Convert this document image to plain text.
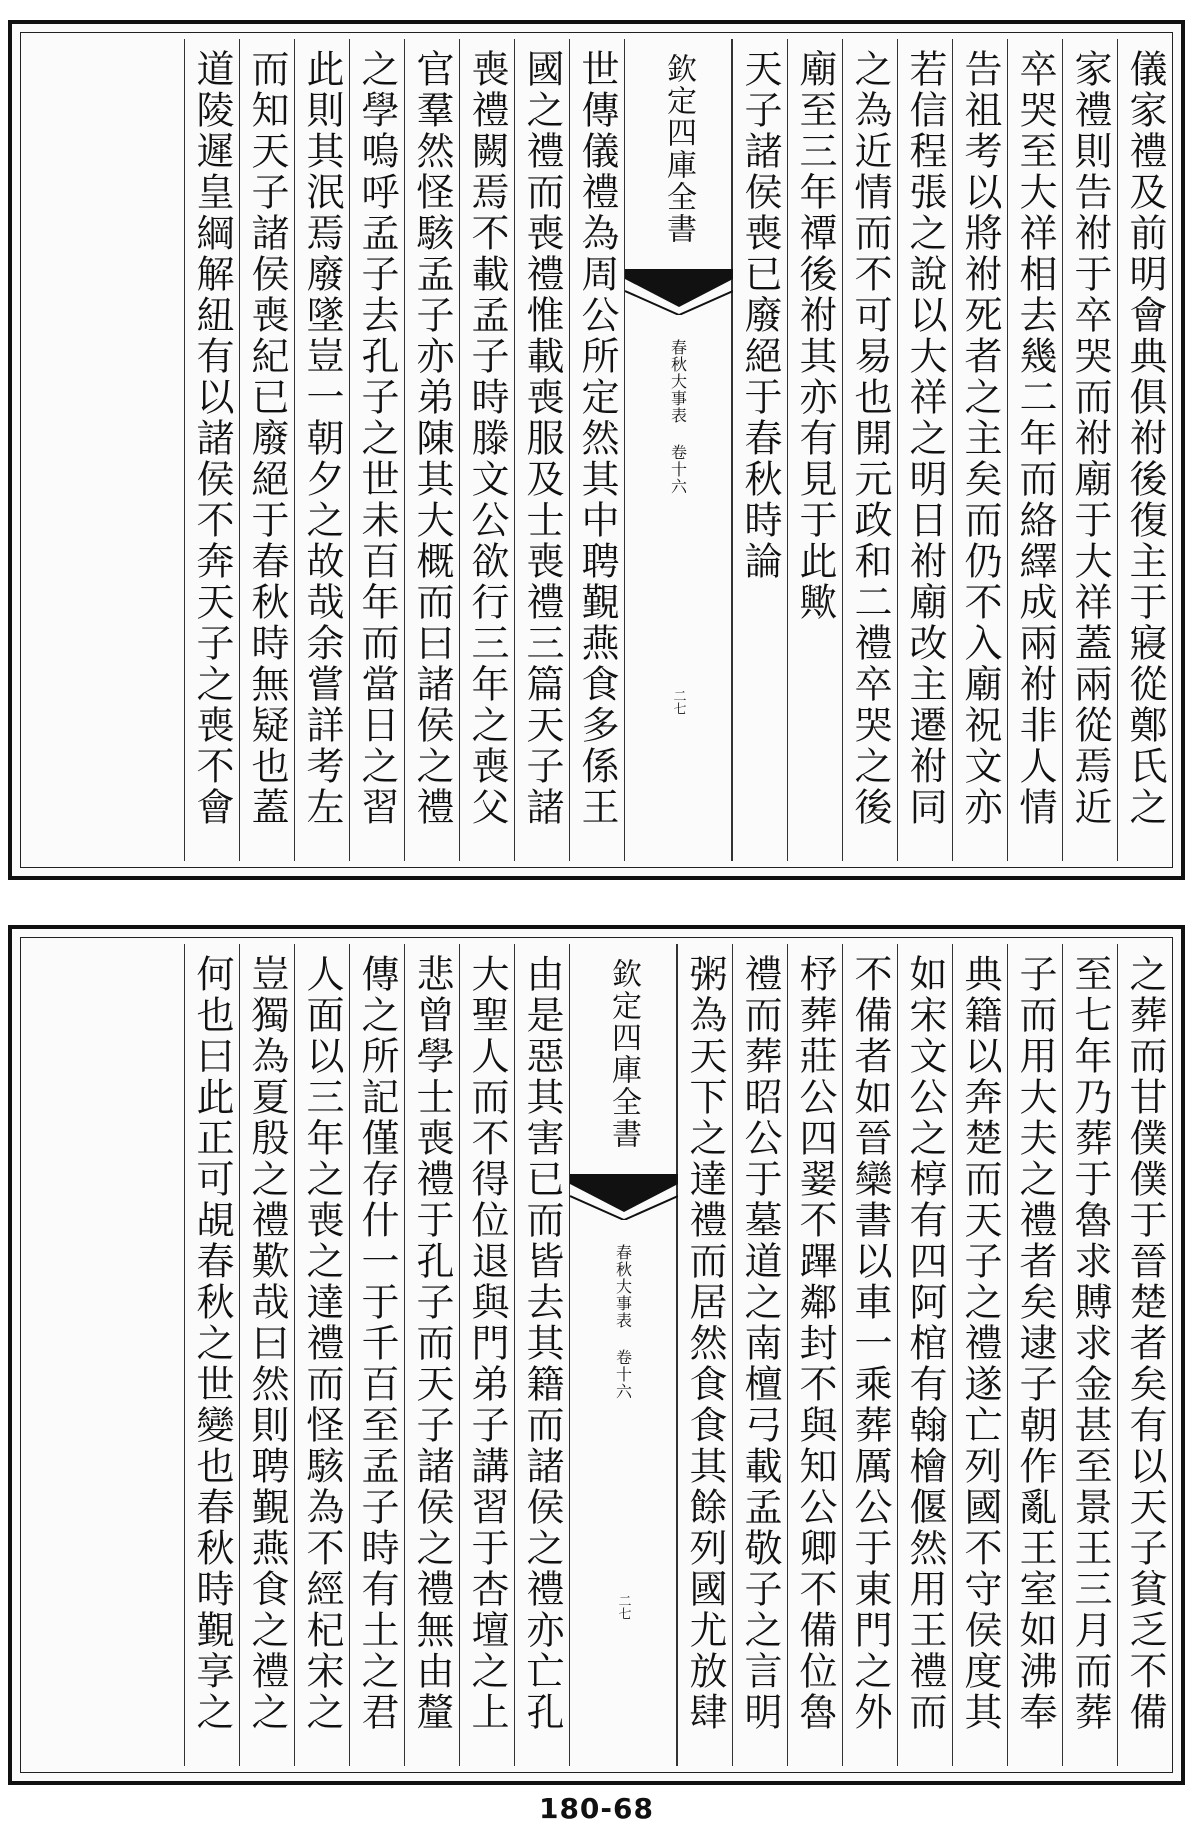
儀家禮及前明會典俱祔後復主于寢從鄭氏之
家禮則告祔于卒哭而祔廟于大祥蓋兩從焉近
卒哭至大祥相去幾二年而絡繹成兩祔非人情
告祖考以將祔死者之主矣而仍不入廟祝文亦
若信程張之說以大祥之明日祔廟改主遷祔同
之為近情而不可易也開元政和二禮卒哭之後
廟至三年禫後祔其亦有見于此歟
天子諸侯喪已廢絕于春秋時論
欽定四庫全書
春秋大事表 卷十六
二七
世傳儀禮為周公所定然其中聘覲燕食多係王
國之禮而喪禮惟載喪服及士喪禮三篇天子諸
喪禮闕焉不載孟子時滕文公欲行三年之喪父
官羣然怪駭孟子亦弟陳其大概而曰諸侯之禮
之學嗚呼孟子去孔子之世未百年而當日之習
此則其泯焉廢墜豈一朝夕之故哉余嘗詳考左
而知天子諸侯喪紀已廢絕于春秋時無疑也蓋
道陵遲皇綱解紐有以諸侯不奔天子之喪不會
之葬而甘僕僕于晉楚者矣有以天子貧乏不備
至七年乃葬于魯求賻求金甚至景王三月而葬
子而用大夫之禮者矣逮子朝作亂王室如沸奉
典籍以奔楚而天子之禮遂亡列國不守侯度其
如宋文公之椁有四阿棺有翰檜偃然用王禮而
不備者如晉欒書以車一乘葬厲公于東門之外
杼葬莊公四翣不蹕鄰封不與知公卿不備位魯
禮而葬昭公于墓道之南檀弓載孟敬子之言明
粥為天下之達禮而居然食食其餘列國尤放肆
欽定四庫全書
春秋大事表 卷十六
二七
由是惡其害已而皆去其籍而諸侯之禮亦亡孔
大聖人而不得位退與門弟子講習于杏壇之上
悲曾學士喪禮于孔子而天子諸侯之禮無由釐
傳之所記僅存什一于千百至孟子時有土之君
人面以三年之喪之達禮而怪駭為不經杞宋之
豈獨為夏殷之禮歎哉曰然則聘覲燕食之禮之
何也曰此正可覘春秋之世變也春秋時覲享之
180-68
